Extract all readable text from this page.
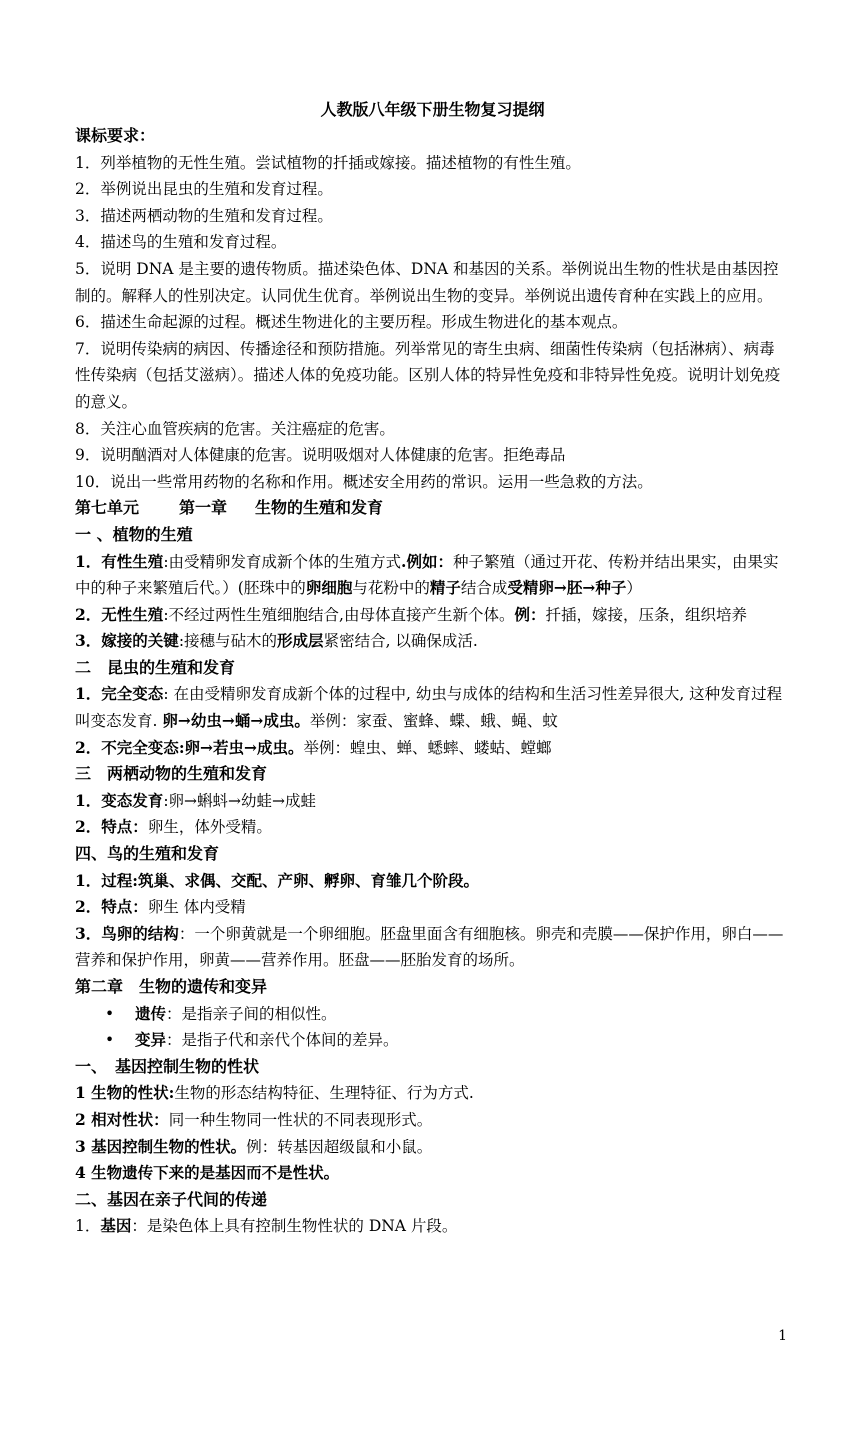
人教版八年级下册生物复习提纲
课标要求：
1．列举植物的无性生殖。尝试植物的扦插或嫁接。描述植物的有性生殖。
2．举例说出昆虫的生殖和发育过程。
3．描述两栖动物的生殖和发育过程。
4．描述鸟的生殖和发育过程。
5．说明 DNA 是主要的遗传物质。描述染色体、DNA 和基因的关系。举例说出生物的性状是由基因控制的。解释人的性别决定。认同优生优育。举例说出生物的变异。举例说出遗传育种在实践上的应用。
6．描述生命起源的过程。概述生物进化的主要历程。形成生物进化的基本观点。
7．说明传染病的病因、传播途径和预防措施。列举常见的寄生虫病、细菌性传染病（包括淋病）、病毒性传染病（包括艾滋病）。描述人体的免疫功能。区别人体的特异性免疫和非特异性免疫。说明计划免疫的意义。
8．关注心血管疾病的危害。关注癌症的危害。
9．说明酗酒对人体健康的危害。说明吸烟对人体健康的危害。拒绝毒品
10．说出一些常用药物的名称和作用。概述安全用药的常识。运用一些急救的方法。
第七单元	第一章 生物的生殖和发育
一 、植物的生殖
1．有性生殖:由受精卵发育成新个体的生殖方式.例如：种子繁殖（通过开花、传粉并结出果实，由果实中的种子来繁殖后代。）(胚珠中的卵细胞与花粉中的精子结合成受精卵→胚→种子）
2．无性生殖:不经过两性生殖细胞结合,由母体直接产生新个体。例：扦插，嫁接，压条，组织培养
3．嫁接的关键:接穗与砧木的形成层紧密结合, 以确保成活.
二　昆虫的生殖和发育
1．完全变态: 在由受精卵发育成新个体的过程中, 幼虫与成体的结构和生活习性差异很大, 这种发育过程叫变态发育. 卵→幼虫→蛹→成虫。举例：家蚕、蜜蜂、蝶、蛾、蝇、蚊
2．不完全变态:卵→若虫→成虫。举例：蝗虫、蝉、蟋蟀、蝼蛄、螳螂
三　两栖动物的生殖和发育
1．变态发育:卵→蝌蚪→幼蛙→成蛙
2．特点：卵生，体外受精。
四、鸟的生殖和发育
1．过程:筑巢、求偶、交配、产卵、孵卵、育雏几个阶段。
2．特点：卵生 体内受精
3．鸟卵的结构：一个卵黄就是一个卵细胞。胚盘里面含有细胞核。卵壳和壳膜——保护作用，卵白——营养和保护作用，卵黄——营养作用。胚盘——胚胎发育的场所。
第二章　生物的遗传和变异
•	遗传：是指亲子间的相似性。
•	变异：是指子代和亲代个体间的差异。
一、　基因控制生物的性状
1 生物的性状:生物的形态结构特征、生理特征、行为方式.
2 相对性状：同一种生物同一性状的不同表现形式。
3 基因控制生物的性状。例：转基因超级鼠和小鼠。
4 生物遗传下来的是基因而不是性状。
二、基因在亲子代间的传递
1．基因：是染色体上具有控制生物性状的 DNA 片段。
1
